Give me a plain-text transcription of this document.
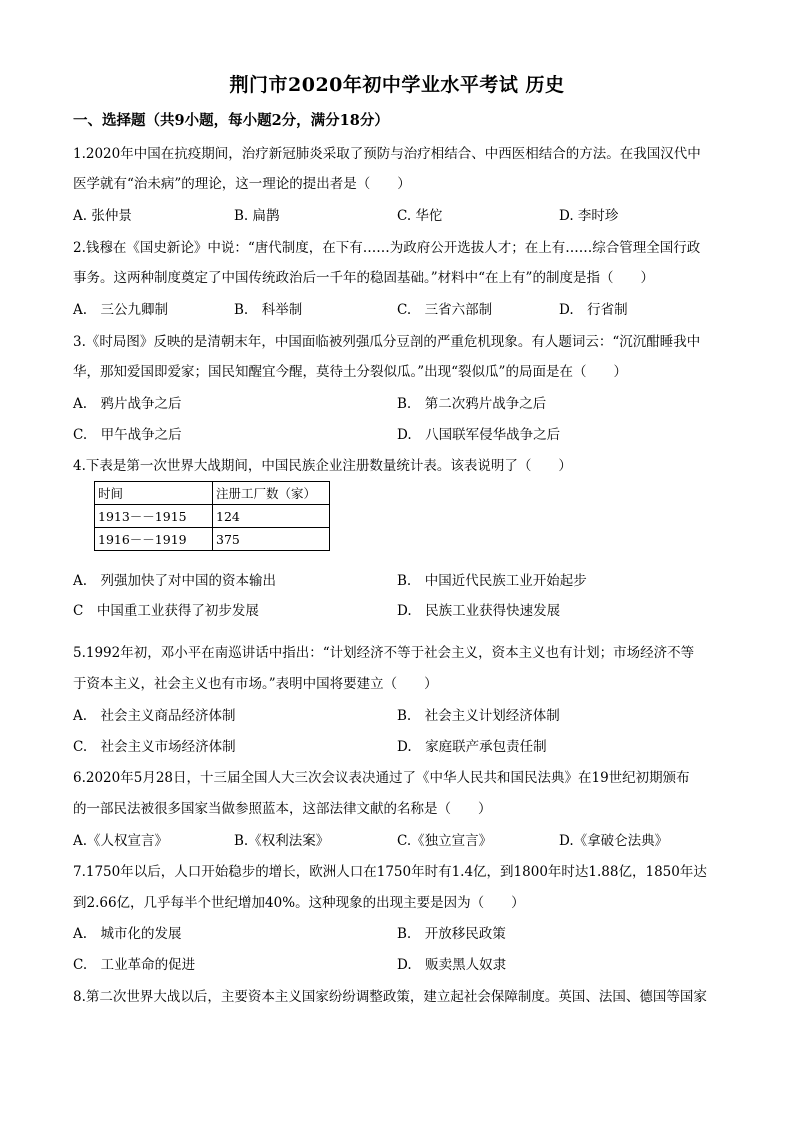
荆门市2020年初中学业水平考试 历史
一、选择题（共9小题，每小题2分，满分18分）
1.2020年中国在抗疫期间，治疗新冠肺炎采取了预防与治疗相结合、中西医相结合的方法。在我国汉代中
医学就有“治未病”的理论，这一理论的提出者是（　　）
A. 张仲景	B. 扁鹊	C. 华佗	D. 李时珍
2.钱穆在《国史新论》中说：“唐代制度，在下有……为政府公开选拔人才；在上有……综合管理全国行政
事务。这两种制度奠定了中国传统政治后一千年的稳固基础。”材料中“在上有”的制度是指（　　）
A.　三公九卿制	B.　科举制	C.　三省六部制	D.　行省制
3.《时局图》反映的是清朝末年，中国面临被列强瓜分豆剖的严重危机现象。有人题词云：“沉沉酣睡我中
华，那知爱国即爱家；国民知醒宜今醒，莫待土分裂似瓜。”出现“裂似瓜”的局面是在（　　）
A.　鸦片战争之后	B.　第二次鸦片战争之后
C.　甲午战争之后	D.　八国联军侵华战争之后
4.下表是第一次世界大战期间，中国民族企业注册数量统计表。该表说明了（　　）
时间	注册工厂数（家）
1913－－1915	124
1916－－1919	375
A.　列强加快了对中国的资本输出	B.　中国近代民族工业开始起步
C　中国重工业获得了初步发展	D.　民族工业获得快速发展
5.1992年初，邓小平在南巡讲话中指出：“计划经济不等于社会主义，资本主义也有计划；市场经济不等
于资本主义，社会主义也有市场。”表明中国将要建立（　　）
A.　社会主义商品经济体制	B.　社会主义计划经济体制
C.　社会主义市场经济体制	D.　家庭联产承包责任制
6.2020年5月28日，十三届全国人大三次会议表决通过了《中华人民共和国民法典》在19世纪初期颁布
的一部民法被很多国家当做参照蓝本，这部法律文献的名称是（　　）
A.《人权宣言》	B.《权利法案》	C.《独立宣言》	D.《拿破仑法典》
7.1750年以后，人口开始稳步的增长，欧洲人口在1750年时有1.4亿，到1800年时达1.88亿，1850年达
到2.66亿，几乎每半个世纪增加40%。这种现象的出现主要是因为（　　）
A.　城市化的发展	B.　开放移民政策
C.　工业革命的促进	D.　贩卖黑人奴隶
8.第二次世界大战以后，主要资本主义国家纷纷调整政策，建立起社会保障制度。英国、法国、德国等国家
